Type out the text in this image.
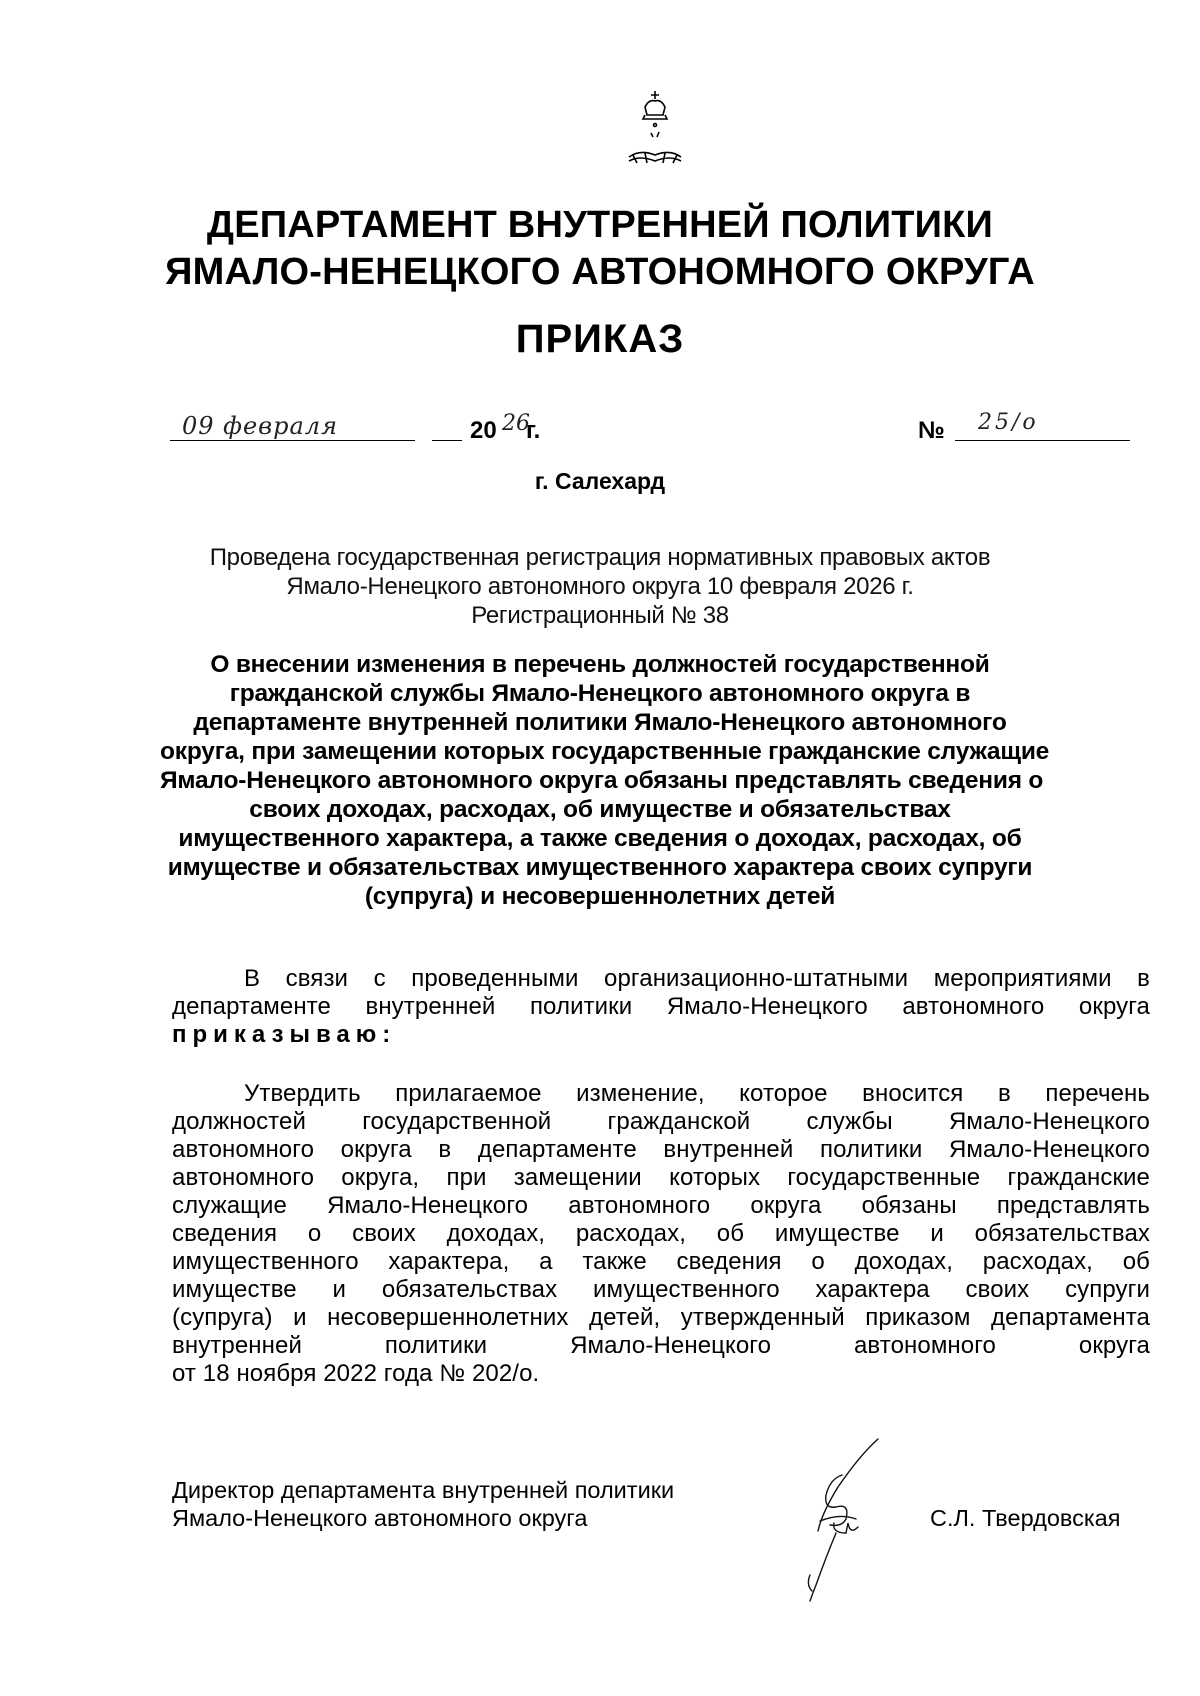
ДЕПАРТАМЕНТ ВНУТРЕННЕЙ ПОЛИТИКИ
ЯМАЛО-НЕНЕЦКОГО АВТОНОМНОГО ОКРУГА
ПРИКАЗ
09 февраля	20 26
г.	№ 25/о
г. Салехард
Проведена государственная регистрация нормативных правовых актов
Ямало-Ненецкого автономного округа 10 февраля 2026 г.
Регистрационный № 38
О внесении изменения в перечень должностей государственной
гражданской службы Ямало-Ненецкого автономного округа в
департаменте внутренней политики Ямало-Ненецкого автономного
округа, при замещении которых государственные гражданские служащие
Ямало-Ненецкого автономного округа обязаны представлять сведения о
своих доходах, расходах, об имуществе и обязательствах
имущественного характера, а также сведения о доходах, расходах, об
имуществе и обязательствах имущественного характера своих супруги
(супруга) и несовершеннолетних детей
В связи с проведенными организационно-штатными мероприятиями в
департаменте внутренней политики Ямало-Ненецкого автономного округа
приказываю:
Утвердить прилагаемое изменение, которое вносится в перечень
должностей государственной гражданской службы Ямало-Ненецкого
автономного округа в департаменте внутренней политики Ямало-Ненецкого
автономного округа, при замещении которых государственные гражданские
служащие Ямало-Ненецкого автономного округа обязаны представлять
сведения о своих доходах, расходах, об имуществе и обязательствах
имущественного характера, а также сведения о доходах, расходах, об
имуществе и обязательствах имущественного характера своих супруги
(супруга) и несовершеннолетних детей, утвержденный приказом департамента
внутренней политики Ямало-Ненецкого автономного округа
от 18 ноября 2022 года № 202/о.
Директор департамента внутренней политики
Ямало-Ненецкого автономного округа	С.Л. Твердовская
